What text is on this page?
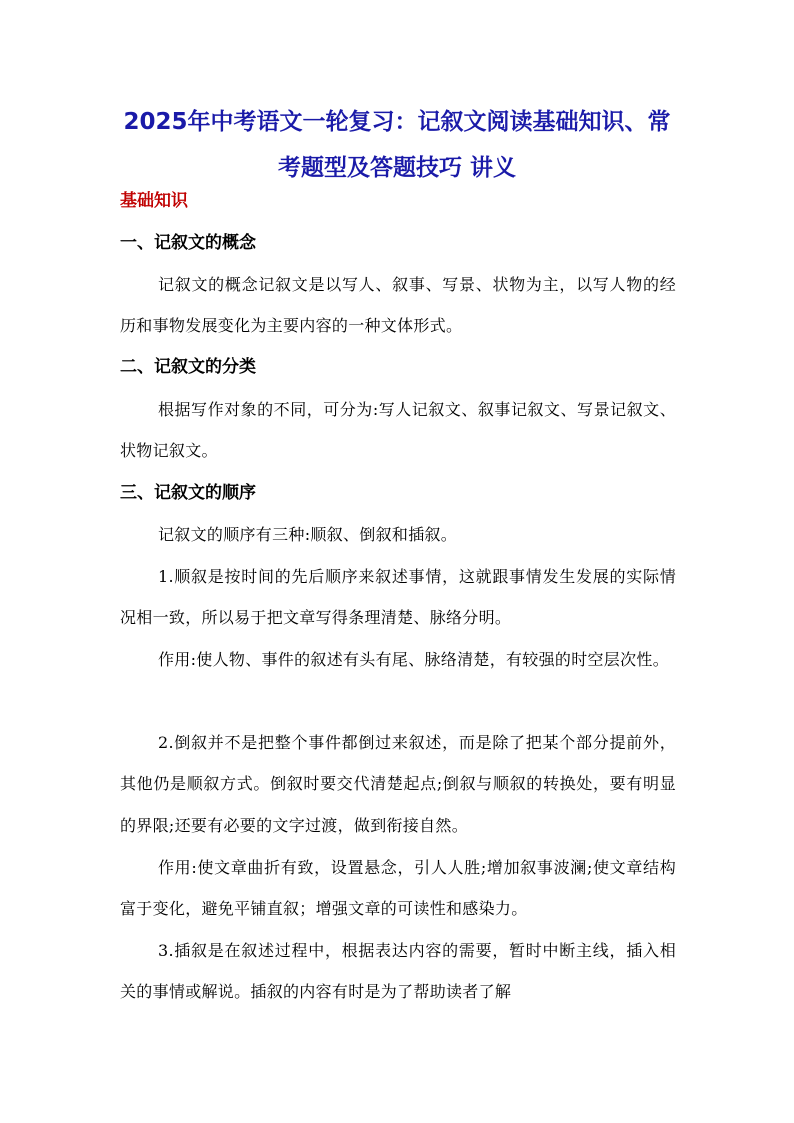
2025年中考语文一轮复习：记叙文阅读基础知识、常考题型及答题技巧 讲义
基础知识
一、记叙文的概念

记叙文的概念记叙文是以写人、叙事、写景、状物为主，以写人物的经历和事物发展变化为主要内容的一种文体形式。

二、记叙文的分类

根据写作对象的不同，可分为:写人记叙文、叙事记叙文、写景记叙文、状物记叙文。

三、记叙文的顺序

记叙文的顺序有三种:顺叙、倒叙和插叙。

1.顺叙是按时间的先后顺序来叙述事情，这就跟事情发生发展的实际情况相一致，所以易于把文章写得条理清楚、脉络分明。

作用:使人物、事件的叙述有头有尾、脉络清楚，有较强的时空层次性。

2.倒叙并不是把整个事件都倒过来叙述，而是除了把某个部分提前外，其他仍是顺叙方式。倒叙时要交代清楚起点;倒叙与顺叙的转换处，要有明显的界限;还要有必要的文字过渡，做到衔接自然。

作用:使文章曲折有致，设置悬念，引人人胜;增加叙事波澜;使文章结构富于变化，避免平铺直叙；增强文章的可读性和感染力。

3.插叙是在叙述过程中，根据表达内容的需要，暂时中断主线，插入相关的事情或解说。插叙的内容有时是为了帮助读者了解
